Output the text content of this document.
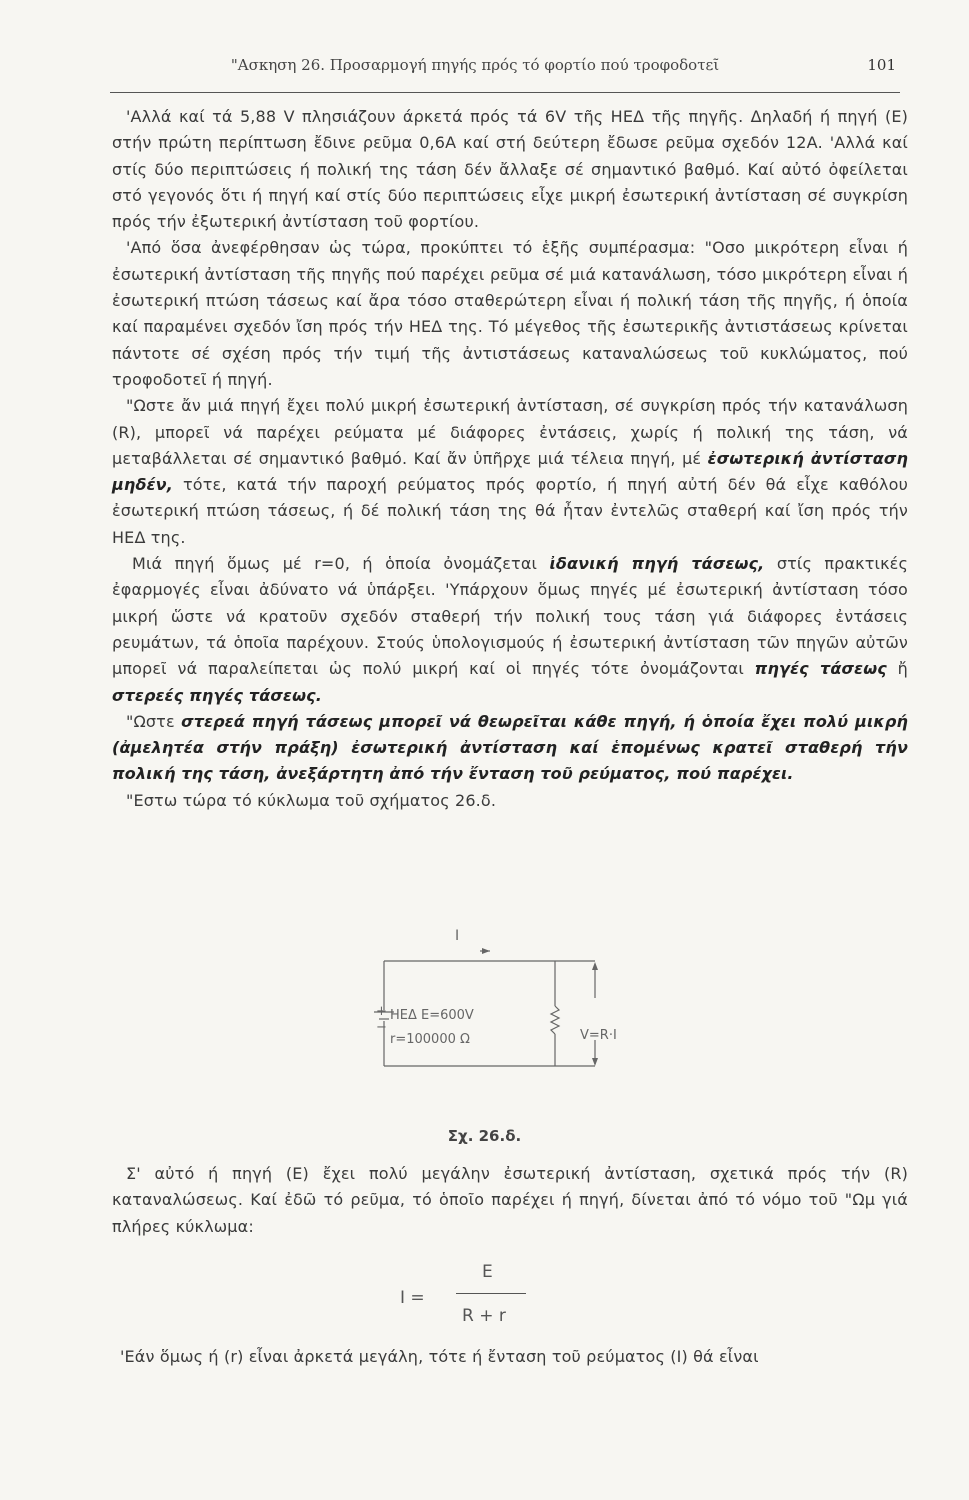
"Ασκηση 26. Προσαρμογή πηγής πρός τό φορτίο πού τροφοδοτεῖ	101

'Αλλά καί τά 5,88 V πλησιάζουν άρκετά πρός τά 6V τῆς ΗΕΔ τῆς πηγῆς. Δηλαδή ή πηγή (Ε) στήν πρώτη περίπτωση ἔδινε ρεῦμα 0,6Α καί στή δεύτερη ἔδωσε ρεῦμα σχεδόν 12Α. 'Αλλά καί στίς δύο περιπτώσεις ή πολική της τάση δέν ἄλλαξε σέ σημαντικό βαθμό. Καί αὐτό ὀφείλεται στό γεγονός ὅτι ή πηγή καί στίς δύο περιπτώσεις εἶχε μικρή ἐσωτερική ἀντίσταση σέ συγκρίση πρός τήν ἐξωτερική ἀντίσταση τοῦ φορτίου.

'Από ὅσα ἀνεφέρθησαν ὡς τώρα, προκύπτει τό ἑξῆς συμπέρασμα: "Οσο μικρότερη εἶναι ή ἐσωτερική ἀντίσταση τῆς πηγῆς πού παρέχει ρεῦμα σέ μιά κατανάλωση, τόσο μικρότερη εἶναι ή ἐσωτερική πτώση τάσεως καί ἄρα τόσο σταθερώτερη εἶναι ή πολική τάση τῆς πηγῆς, ή ὁποία καί παραμένει σχεδόν ἴση πρός τήν ΗΕΔ της. Τό μέγεθος τῆς ἐσωτερικῆς ἀντιστάσεως κρίνεται πάντοτε σέ σχέση πρός τήν τιμή τῆς ἀντιστάσεως καταναλώσεως τοῦ κυκλώματος, πού τροφοδοτεῖ ή πηγή.

"Ωστε ἄν μιά πηγή ἔχει πολύ μικρή ἐσωτερική ἀντίσταση, σέ συγκρίση πρός τήν κατανάλωση (R), μπορεῖ νά παρέχει ρεύματα μέ διάφορες ἐντάσεις, χωρίς ή πολική της τάση, νά μεταβάλλεται σέ σημαντικό βαθμό. Καί ἄν ὑπῆρχε μιά τέλεια πηγή, μέ ἐσωτερική ἀντίσταση μηδέν, τότε, κατά τήν παροχή ρεύματος πρός φορτίο, ή πηγή αὐτή δέν θά εἶχε καθόλου ἐσωτερική πτώση τάσεως, ή δέ πολική τάση της θά ἦταν ἐντελῶς σταθερή καί ἴση πρός τήν ΗΕΔ της.

Μιά πηγή ὅμως μέ r=0, ή ὁποία ὀνομάζεται ἰδανική πηγή τάσεως, στίς πρακτικές ἐφαρμογές εἶναι ἀδύνατο νά ὑπάρξει. 'Υπάρχουν ὅμως πηγές μέ ἐσωτερική ἀντίσταση τόσο μικρή ὥστε νά κρατοῦν σχεδόν σταθερή τήν πολική τους τάση γιά διάφορες ἐντάσεις ρευμάτων, τά ὁποῖα παρέχουν. Στούς ὑπολογισμούς ή ἐσωτερική ἀντίσταση τῶν πηγῶν αὐτῶν μπορεῖ νά παραλείπεται ὡς πολύ μικρή καί οἱ πηγές τότε ὀνομάζονται πηγές τάσεως ἤ στερεές πηγές τάσεως.

"Ωστε στερεά πηγή τάσεως μπορεῖ νά θεωρεῖται κάθε πηγή, ή ὁποία ἔχει πολύ μικρή (ἀμελητέα στήν πράξη) ἐσωτερική ἀντίσταση καί ἑπομένως κρατεῖ σταθερή τήν πολική της τάση, ἀνεξάρτητη ἀπό τήν ἔνταση τοῦ ρεύματος, πού παρέχει.

"Εστω τώρα τό κύκλωμα τοῦ σχήματος 26.δ.

I
+
−
ΗΕΔ Ε=600V
r=100000 Ω	V=R·I
Σχ. 26.δ.

Σ' αὐτό ή πηγή (Ε) ἔχει πολύ μεγάλην ἐσωτερική ἀντίσταση, σχετικά πρός τήν (R) καταναλώσεως. Καί ἐδῶ τό ρεῦμα, τό ὁποῖο παρέχει ή πηγή, δίνεται ἀπό τό νόμο τοῦ "Ωμ γιά πλήρες κύκλωμα:

I =
E
R + r
'Εάν ὅμως ή (r) εἶναι ἀρκετά μεγάλη, τότε ή ἔνταση τοῦ ρεύματος (I) θά εἶναι
